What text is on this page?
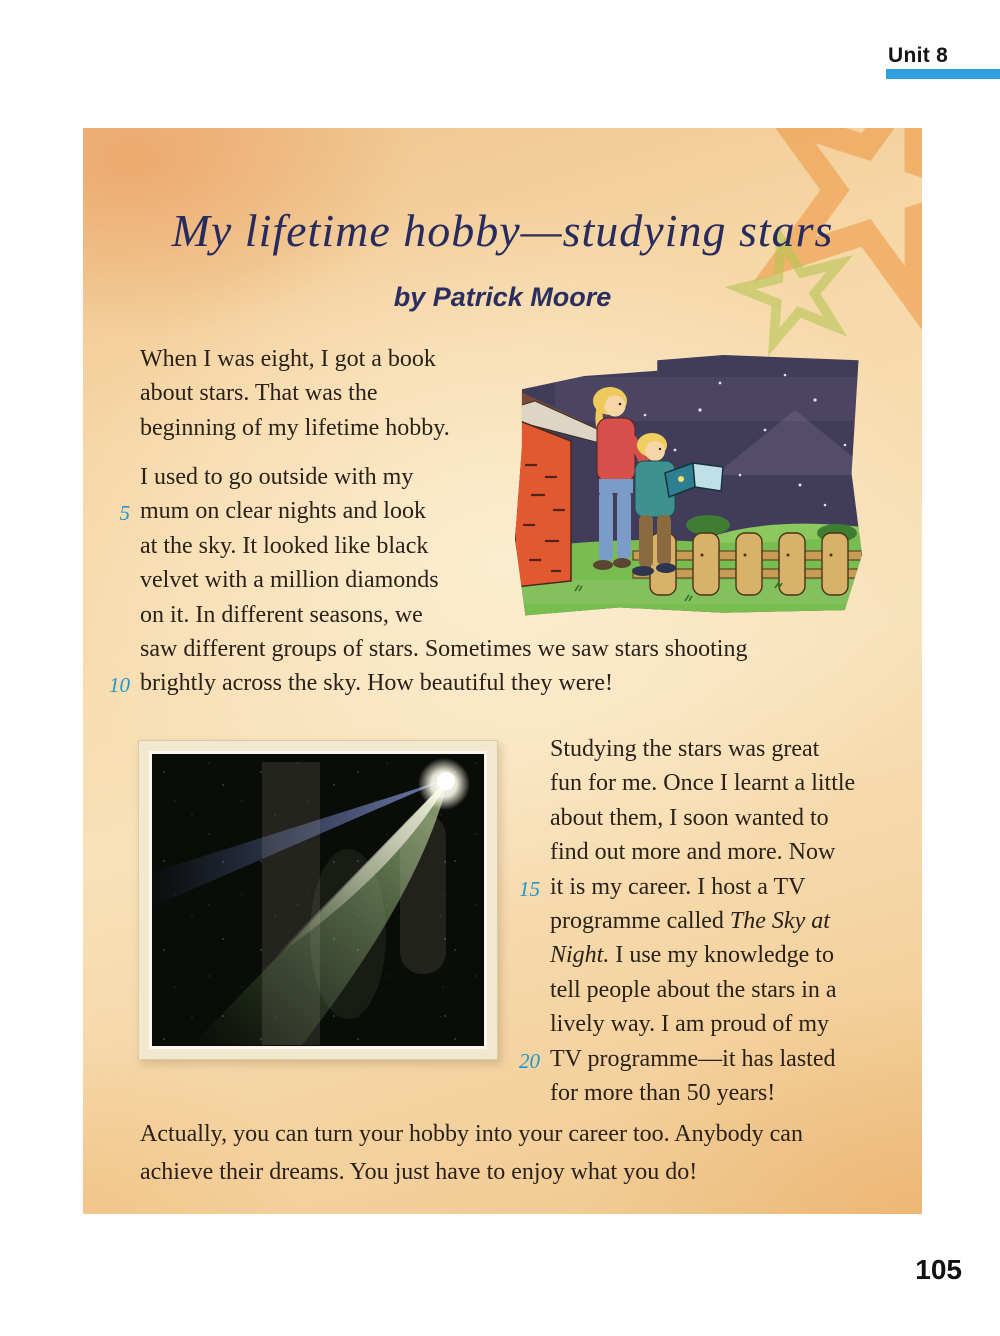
Unit 8
My lifetime hobby—studying stars
by Patrick Moore
When I was eight, I got a book
about stars. That was the
beginning of my lifetime hobby.
I used to go outside with my
5 mum on clear nights and look
at the sky. It looked like black
velvet with a million diamonds
on it. In different seasons, we
saw different groups of stars. Sometimes we saw stars shooting
10 brightly across the sky. How beautiful they were!
Studying the stars was great
fun for me. Once I learnt a little
about them, I soon wanted to
find out more and more. Now
15 it is my career. I host a TV
programme called The Sky at
Night. I use my knowledge to
tell people about the stars in a
lively way. I am proud of my
20 TV programme—it has lasted
for more than 50 years!
Actually, you can turn your hobby into your career too. Anybody can
achieve their dreams. You just have to enjoy what you do!
105
